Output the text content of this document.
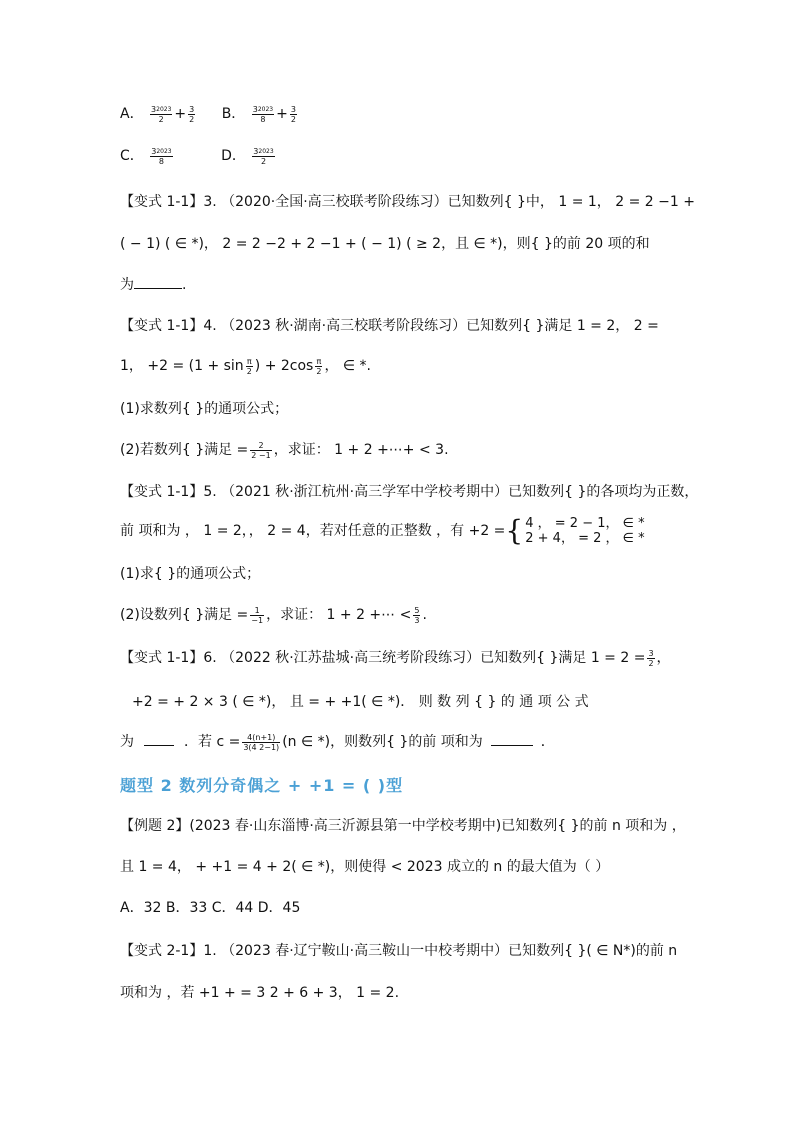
A． $\frac{3^{2023}}{2} + \frac{3}{2}$ B． $\frac{3^{2023}}{8} + \frac{3}{2}$
C． $\frac{3^{2023}}{8}$	D． $\frac{3^{2023}}{2}$
【变式 1-1】3. （2020·全国·高三校联考阶段练习）已知数列{ }中， 1 = 1， 2 = 2 −1 +
( − 1) ( ∈ *)， 2 = 2 −2 + 2 −1 + ( − 1) ( ≥ 2，且 ∈ *)，则{ }的前 20 项的和
为	.
【变式 1-1】4. （2023 秋·湖南·高三校联考阶段练习）已知数列{ }满足 1 = 2， 2 =
1， $+2 = (1 + \sin \frac{\pi}{2}$ ) + $2\cos \frac{\pi}{2}$ ， ∈ *.
(1)求数列{ }的通项公式；
(2)若数列{ }满足 = $\frac{2}{2 -1}$ ，求证： 1 + 2 +⋯+ < 3.
【变式 1-1】5. （2021 秋·浙江杭州·高三学军中学校考期中）已知数列{ }的各项均为正数，
前 项和为 ， 1 = 2，， 2 = 4，若对任意的正整数 ，有 +2 ={ 4 ， = 2 − 1， ∈ *
2 + 4， = 2 ， ∈ *
(1)求{ }的通项公式；
(2)设数列{ }满足 = $\frac{1}{-1}$ ，求证： 1 + 2 +⋯ < $\frac{5}{3}$ .
【变式 1-1】6. （2022 秋·江苏盐城·高三统考阶段练习）已知数列{ }满足 $1 = 2 = \frac{3}{2}$ ，
+2 = + 2 × 3 ( ∈ *)， 且 = + +1( ∈ *)． 则 数 列 { } 的 通 项 公 式
为	．若 $c = \frac{4(n+1)}{3(4 2-1)} (n$ ∈ *)，则数列{ }的前 项和为	．
题型 2 数列分奇偶之 + +1 = ( )型
【例题 2】(2023 春·山东淄博·高三沂源县第一中学校考期中)已知数列{ }的前 n 项和为 ，
且 1 = 4， + +1 = 4 + 2( ∈ *)，则使得 < 2023 成立的 n 的最大值为（ ）
A．32 B．33 C．44 D．45
【变式 2-1】1. （2023 春·辽宁鞍山·高三鞍山一中校考期中）已知数列{ }( ∈ N*)的前 n
项和为 ，若 +1 + = 3 2 + 6 + 3， 1 = 2.
